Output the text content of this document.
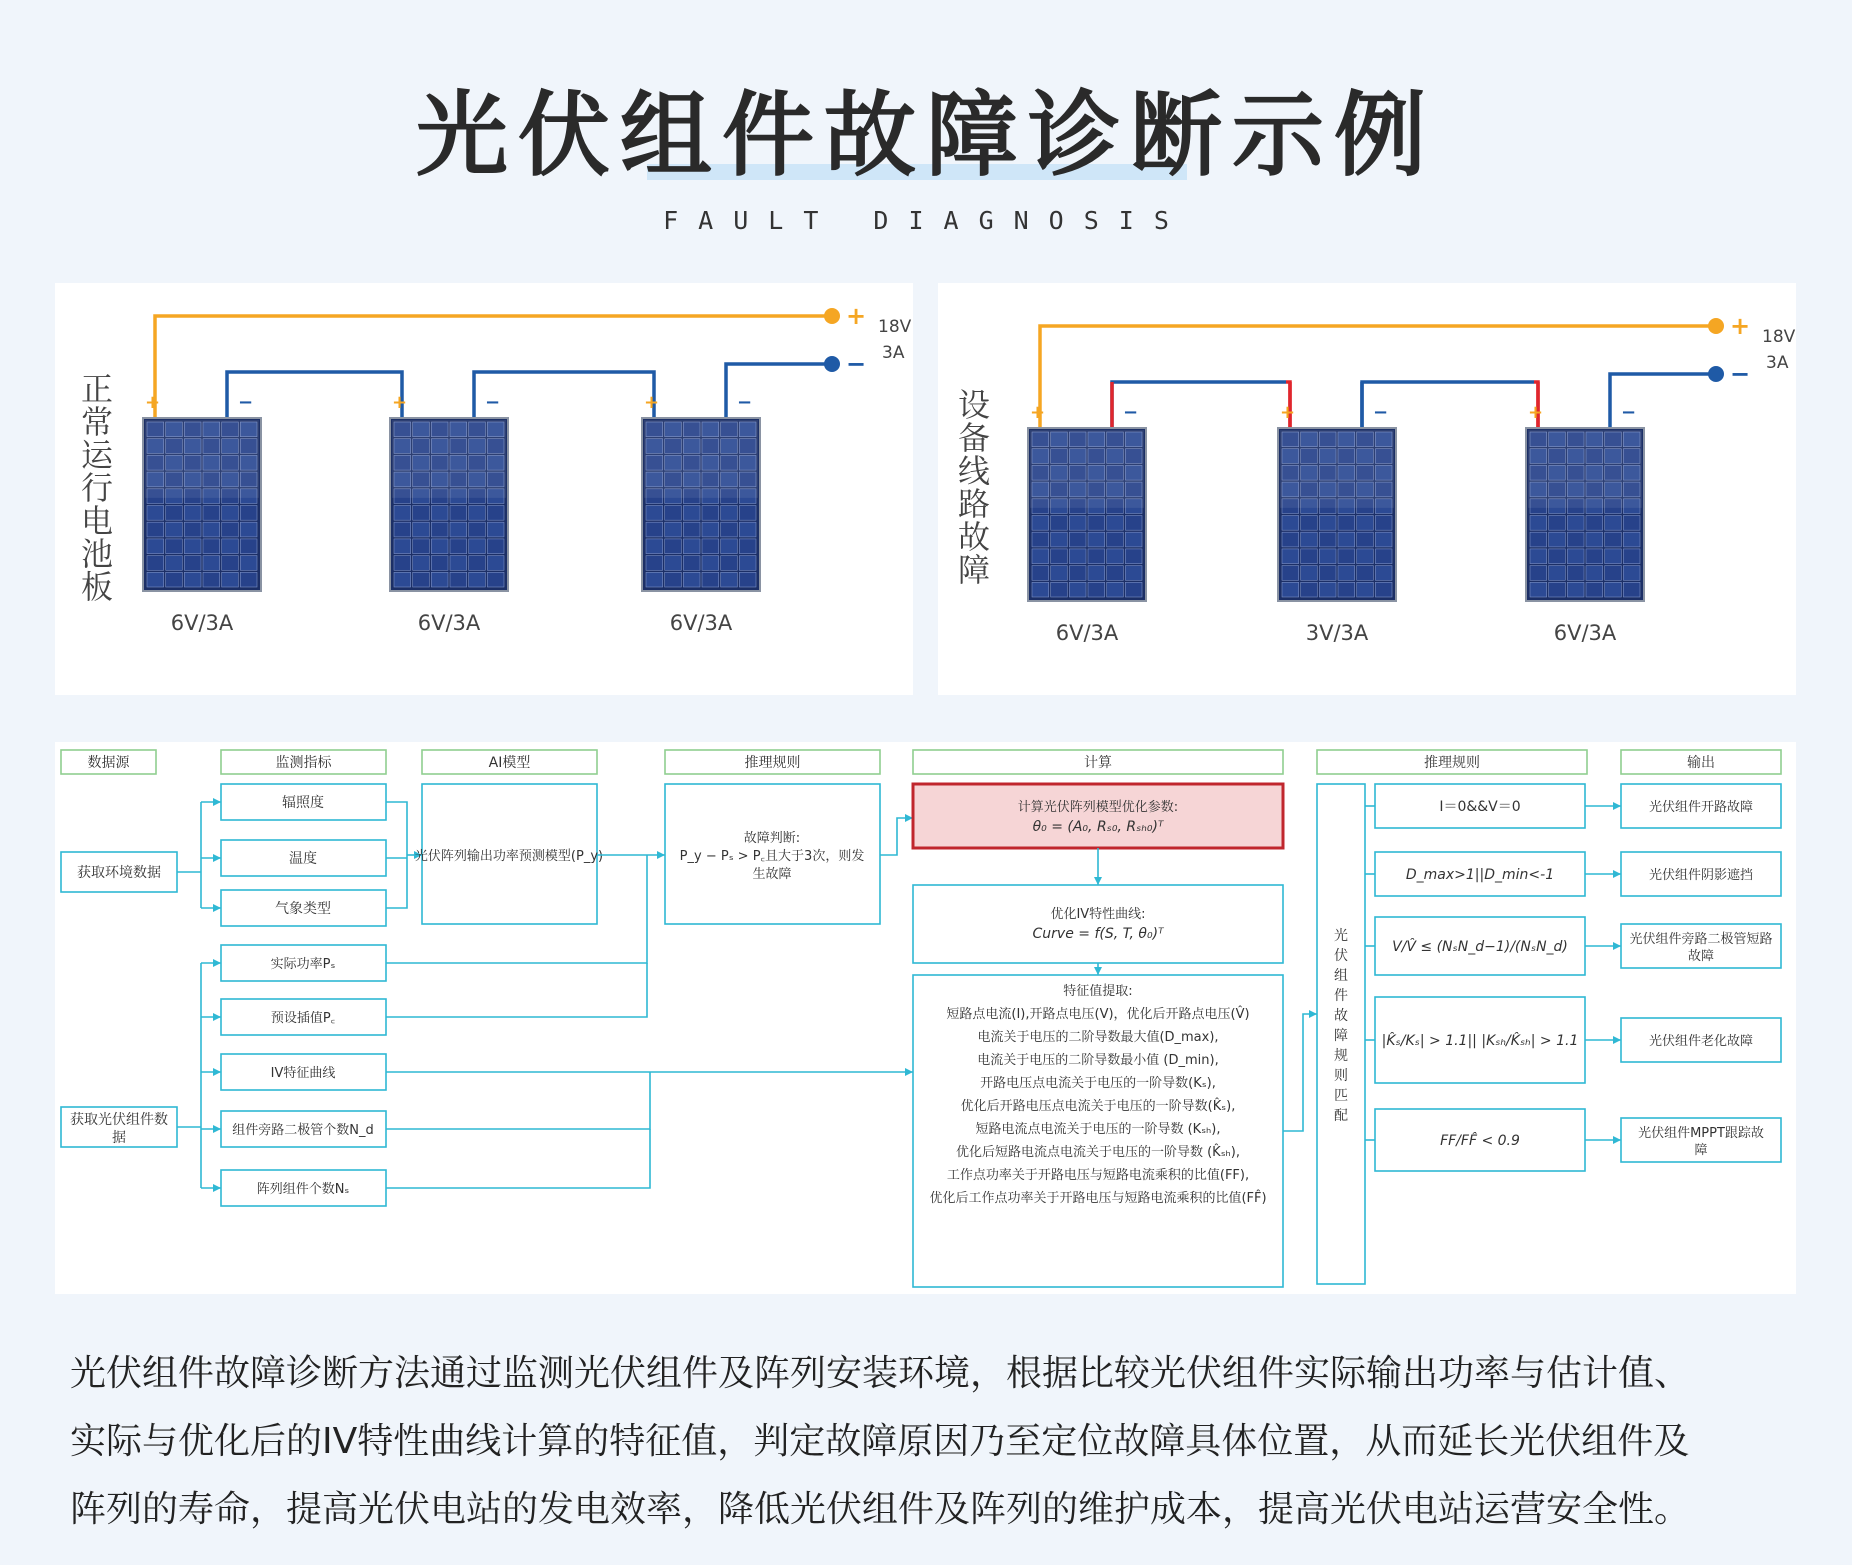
光伏组件故障诊断示例
FAULT DIAGNOSIS
正常运行电池板
+
−
18V
3A
+	−
6V/3A
+	−
6V/3A
+	−
6V/3A
设备线路故障
+
−
18V
3A
+	−
6V/3A
+	−
3V/3A
+	−
6V/3A
数据源	监测指标	AI模型	推理规则	计算	推理规则	输出
获取环境数据
获取光伏组件数
据
辐照度
温度
气象类型
实际功率Pₛ
预设插值P꜀
IV特征曲线
组件旁路二极管个数N_d
阵列组件个数Nₛ
光伏阵列输出功率预测模型(P_y)
故障判断:
P_y − Pₛ > P꜀且大于3次，则发
生故障
计算光伏阵列模型优化参数:
θ₀ = (A₀, Rₛ₀, Rₛₕ₀)ᵀ
优化IV特性曲线:
Curve = f(S, T, θ₀)ᵀ
特征值提取:
短路点电流(I),开路点电压(V)，优化后开路点电压(V̂)
电流关于电压的二阶导数最大值(D_max),
电流关于电压的二阶导数最小值 (D_min),
开路电压点电流关于电压的一阶导数(Kₛ),
优化后开路电压点电流关于电压的一阶导数(K̂ₛ),
短路电流点电流关于电压的一阶导数 (Kₛₕ),
优化后短路电流点电流关于电压的一阶导数 (K̂ₛₕ),
工作点功率关于开路电压与短路电流乘积的比值(FF),
优化后工作点功率关于开路电压与短路电流乘积的比值(FF̂)
光
伏
组
件
故
障
规
则
匹
配
I＝0&&V＝0	光伏组件开路故障
D_max>1||D_min<-1	光伏组件阴影遮挡
V/V̂ ≤ (NₛN_d−1)/(NₛN_d)	光伏组件旁路二极管短路
故障
|K̂ₛ/Kₛ| > 1.1|| |Kₛₕ/K̂ₛₕ| > 1.1	光伏组件老化故障
FF/FF̂ < 0.9	光伏组件MPPT跟踪故
障

光伏组件故障诊断方法通过监测光伏组件及阵列安装环境，根据比较光伏组件实际输出功率与估计值、

实际与优化后的IV特性曲线计算的特征值，判定故障原因乃至定位故障具体位置，从而延长光伏组件及

阵列的寿命，提高光伏电站的发电效率，降低光伏组件及阵列的维护成本，提高光伏电站运营安全性。
